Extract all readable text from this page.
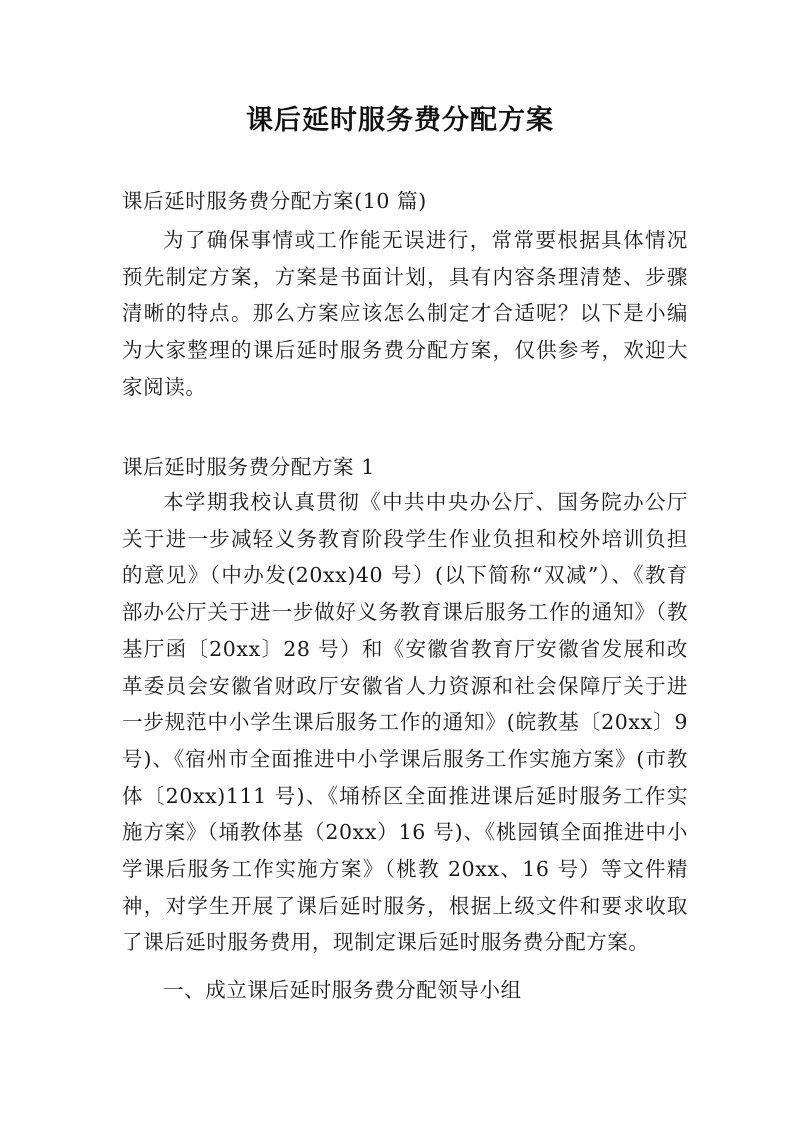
课后延时服务费分配方案
课后延时服务费分配方案(10 篇)
为了确保事情或工作能无误进行，常常要根据具体情况预先制定方案，方案是书面计划，具有内容条理清楚、步骤清晰的特点。那么方案应该怎么制定才合适呢？以下是小编为大家整理的课后延时服务费分配方案，仅供参考，欢迎大家阅读。
课后延时服务费分配方案 1
本学期我校认真贯彻《中共中央办公厅、国务院办公厅关于进一步减轻义务教育阶段学生作业负担和校外培训负担的意见》（中办发(20xx)40 号）(以下简称“双减”）、《教育部办公厅关于进一步做好义务教育课后服务工作的通知》（教基厅函〔20xx〕28 号）和《安徽省教育厅安徽省发展和改革委员会安徽省财政厅安徽省人力资源和社会保障厅关于进一步规范中小学生课后服务工作的通知》(皖教基〔20xx〕9 号)、《宿州市全面推进中小学课后服务工作实施方案》(市教体〔20xx)111 号)、《埇桥区全面推进课后延时服务工作实施方案》（埇教体基（20xx）16 号)、《桃园镇全面推进中小学课后服务工作实施方案》（桃教 20xx、16 号）等文件精神，对学生开展了课后延时服务，根据上级文件和要求收取了课后延时服务费用，现制定课后延时服务费分配方案。
一、成立课后延时服务费分配领导小组
